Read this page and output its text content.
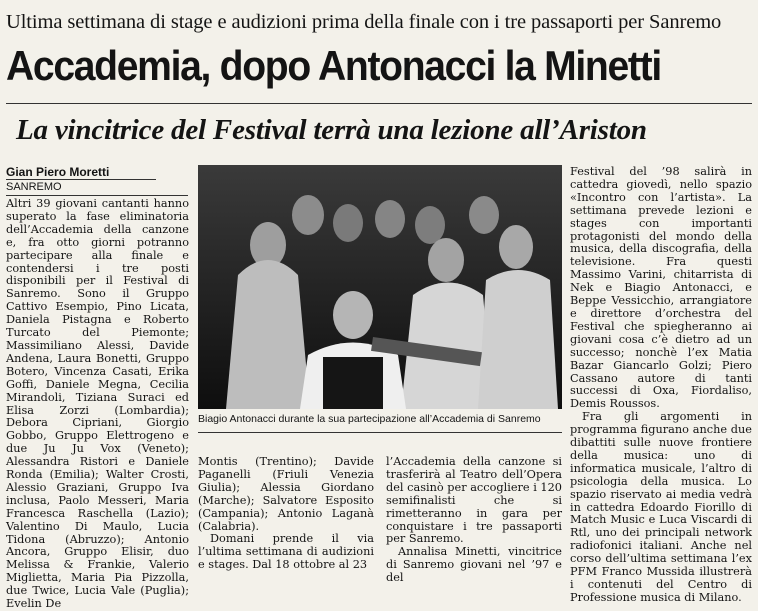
Ultima settimana di stage e audizioni prima della finale con i tre passaporti per Sanremo
Accademia, dopo Antonacci la Minetti
La vincitrice del Festival terrà una lezione all’Ariston
Gian Piero Moretti
SANREMO

Altri 39 giovani cantanti hanno superato la fase eliminatoria dell’Accademia della canzone e, fra otto giorni potranno partecipare alla finale e contendersi i tre posti disponibili per il Festival di Sanremo. Sono il Gruppo Cattivo Esempio, Pino Licata, Daniela Pistagna e Roberto Turcato del Piemonte; Massimiliano Alessi, Davide Andena, Laura Bonetti, Gruppo Botero, Vincenza Casati, Erika Goffi, Daniele Megna, Cecilia Mirandoli, Tiziana Suraci ed Elisa Zorzi (Lombardia); Debora Cipriani, Giorgio Gobbo, Gruppo Elettrogeno e due Ju Ju Vox (Veneto); Alessandra Ristori e Daniele Ronda (Emilia); Walter Crosti, Alessio Graziani, Gruppo Iva inclusa, Paolo Messeri, Maria Francesca Raschella (Lazio); Valentino Di Maulo, Lucia Tidona (Abruzzo); Antonio Ancora, Gruppo Elisir, duo Melissa & Frankie, Valerio Miglietta, Maria Pia Pizzolla, due Twice, Lucia Vale (Puglia); Evelin De

Biagio Antonacci durante la sua partecipazione all’Accademia di Sanremo

Montis (Trentino); Davide Paganelli (Friuli Venezia Giulia); Alessia Giordano (Marche); Salvatore Esposito (Campania); Antonio Laganà (Calabria).

Domani prende il via l’ultima settimana di audizioni e stages. Dal 18 ottobre al 23

l’Accademia della canzone si trasferirà al Teatro dell’Opera del casinò per accogliere i 120 semifinalisti che si rimetteranno in gara per conquistare i tre passaporti per Sanremo.

Annalisa Minetti, vincitrice di Sanremo giovani nel ’97 e del

Festival del ’98 salirà in cattedra giovedì, nello spazio «Incontro con l’artista». La settimana prevede lezioni e stages con importanti protagonisti del mondo della musica, della discografia, della televisione. Fra questi Massimo Varini, chitarrista di Nek e Biagio Antonacci, e Beppe Vessicchio, arrangiatore e direttore d’orchestra del Festival che spiegheranno ai giovani cosa c’è dietro ad un successo; nonchè l’ex Matia Bazar Giancarlo Golzi; Piero Cassano autore di tanti successi di Oxa, Fiordaliso, Demis Roussos.

Fra gli argomenti in programma figurano anche due dibattiti sulle nuove frontiere della musica: uno di informatica musicale, l’altro di psicologia della musica. Lo spazio riservato ai media vedrà in cattedra Edoardo Fiorillo di Match Music e Luca Viscardi di Rtl, uno dei principali network radiofonici italiani. Anche nel corso dell’ultima settimana l’ex PFM Franco Mussida illustrerà i contenuti del Centro di Professione musica di Milano.
